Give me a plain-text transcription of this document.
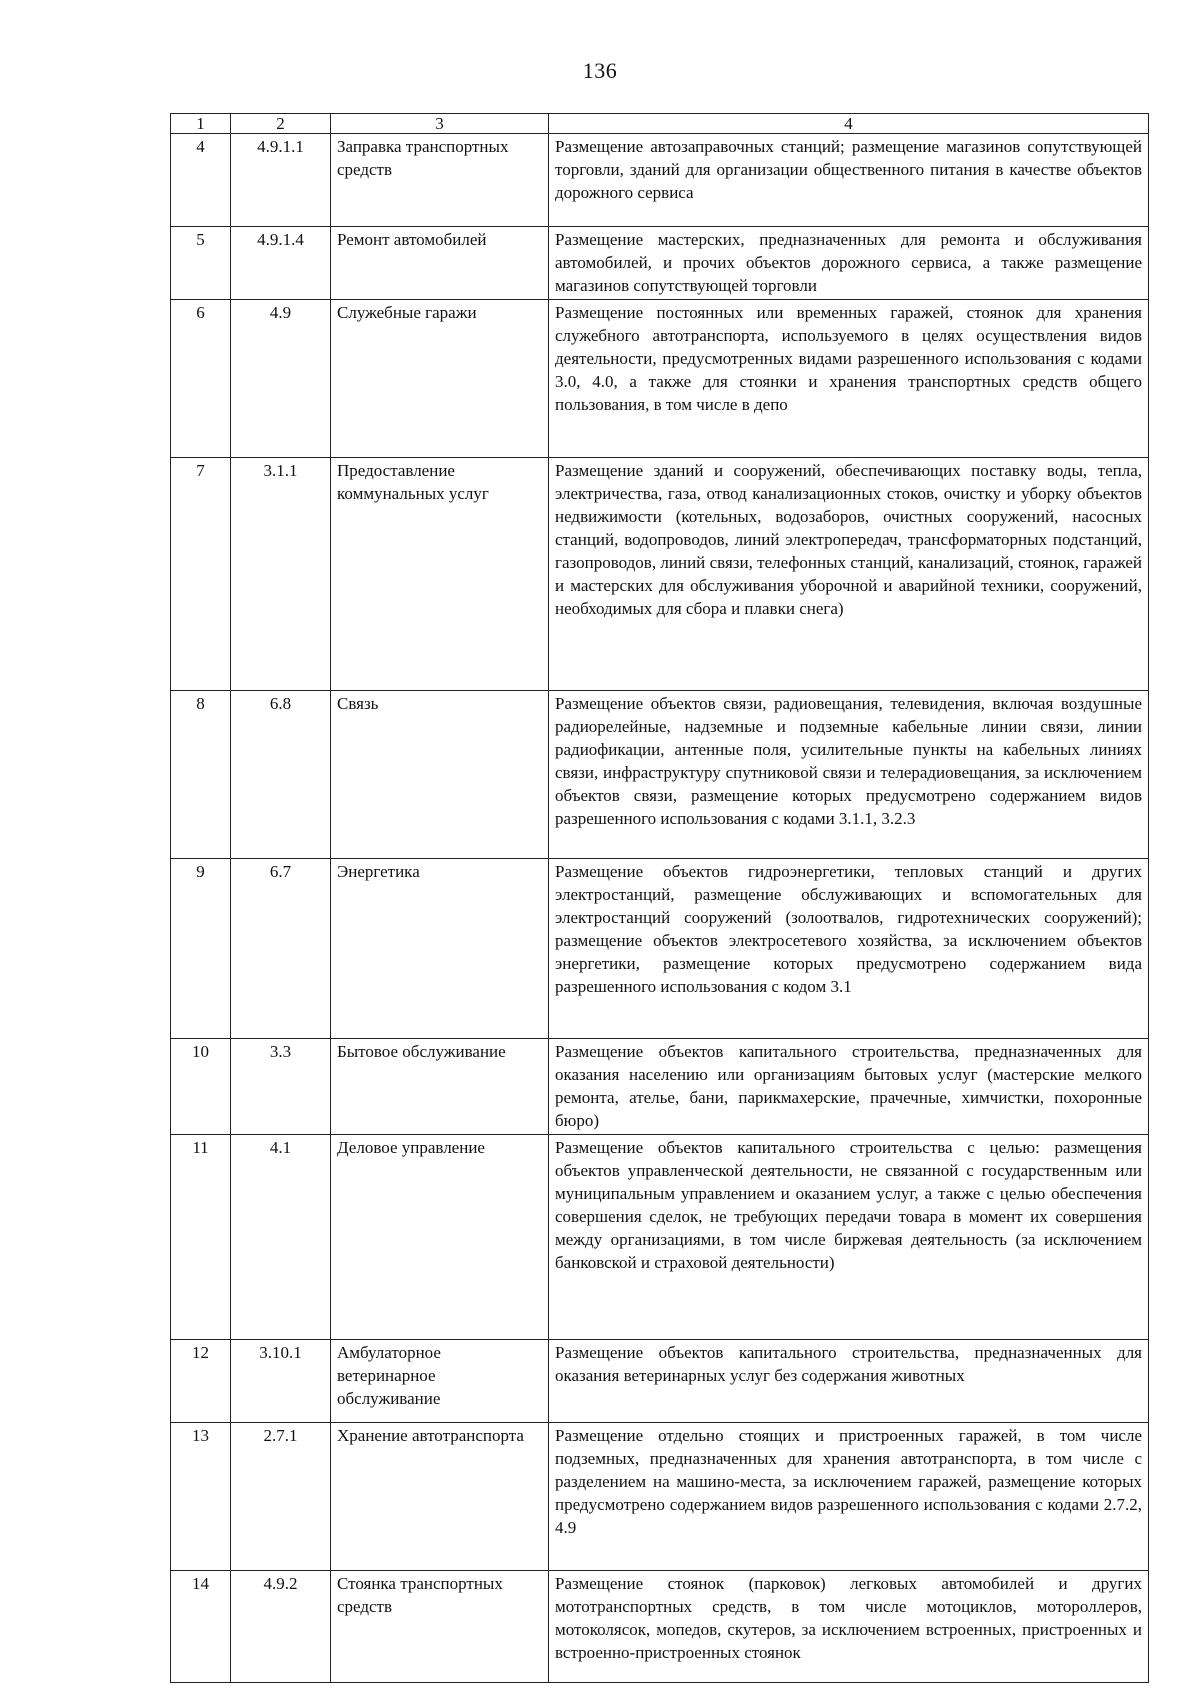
136
1	2	3	4
4	4.9.1.1	Заправка транспортных средств	Размещение автозаправочных станций; размещение магазинов сопутствующей торговли, зданий для организации общественного питания в качестве объектов дорожного сервиса
5	4.9.1.4	Ремонт автомобилей	Размещение мастерских, предназначенных для ремонта и обслуживания автомобилей, и прочих объектов дорожного сервиса, а также размещение магазинов сопутствующей торговли
6	4.9	Служебные гаражи	Размещение постоянных или временных гаражей, стоянок для хранения служебного автотранспорта, используемого в целях осуществления видов деятельности, предусмотренных видами разрешенного использования с кодами 3.0, 4.0, а также для стоянки и хранения транспортных средств общего пользования, в том числе в депо
7	3.1.1	Предоставление коммунальных услуг	Размещение зданий и сооружений, обеспечивающих поставку воды, тепла, электричества, газа, отвод канализационных стоков, очистку и уборку объектов недвижимости (котельных, водозаборов, очистных сооружений, насосных станций, водопроводов, линий электропередач, трансформаторных подстанций, газопроводов, линий связи, телефонных станций, канализаций, стоянок, гаражей и мастерских для обслуживания уборочной и аварийной техники, сооружений, необходимых для сбора и плавки снега)
8	6.8	Связь	Размещение объектов связи, радиовещания, телевидения, включая воздушные радиорелейные, надземные и подземные кабельные линии связи, линии радиофикации, антенные поля, усилительные пункты на кабельных линиях связи, инфраструктуру спутниковой связи и телерадиовещания, за исключением объектов связи, размещение которых предусмотрено содержанием видов разрешенного использования с кодами 3.1.1, 3.2.3
9	6.7	Энергетика	Размещение объектов гидроэнергетики, тепловых станций и других электростанций, размещение обслуживающих и вспомогательных для электростанций сооружений (золоотвалов, гидротехнических сооружений); размещение объектов электросетевого хозяйства, за исключением объектов энергетики, размещение которых предусмотрено содержанием вида разрешенного использования с кодом 3.1
10	3.3	Бытовое обслуживание	Размещение объектов капитального строительства, предназначенных для оказания населению или организациям бытовых услуг (мастерские мелкого ремонта, ателье, бани, парикмахерские, прачечные, химчистки, похоронные бюро)
11	4.1	Деловое управление	Размещение объектов капитального строительства с целью: размещения объектов управленческой деятельности, не связанной с государственным или муниципальным управлением и оказанием услуг, а также с целью обеспечения совершения сделок, не требующих передачи товара в момент их совершения между организациями, в том числе биржевая деятельность (за исключением банковской и страховой деятельности)
12	3.10.1	Амбулаторное ветеринарное обслуживание	Размещение объектов капитального строительства, предназначенных для оказания ветеринарных услуг без содержания животных
13	2.7.1	Хранение автотранспорта	Размещение отдельно стоящих и пристроенных гаражей, в том числе подземных, предназначенных для хранения автотранспорта, в том числе с разделением на машино-места, за исключением гаражей, размещение которых предусмотрено содержанием видов разрешенного использования с кодами 2.7.2, 4.9
14	4.9.2	Стоянка транспортных средств	Размещение стоянок (парковок) легковых автомобилей и других мототранспортных средств, в том числе мотоциклов, мотороллеров, мотоколясок, мопедов, скутеров, за исключением встроенных, пристроенных и встроенно-пристроенных стоянок
